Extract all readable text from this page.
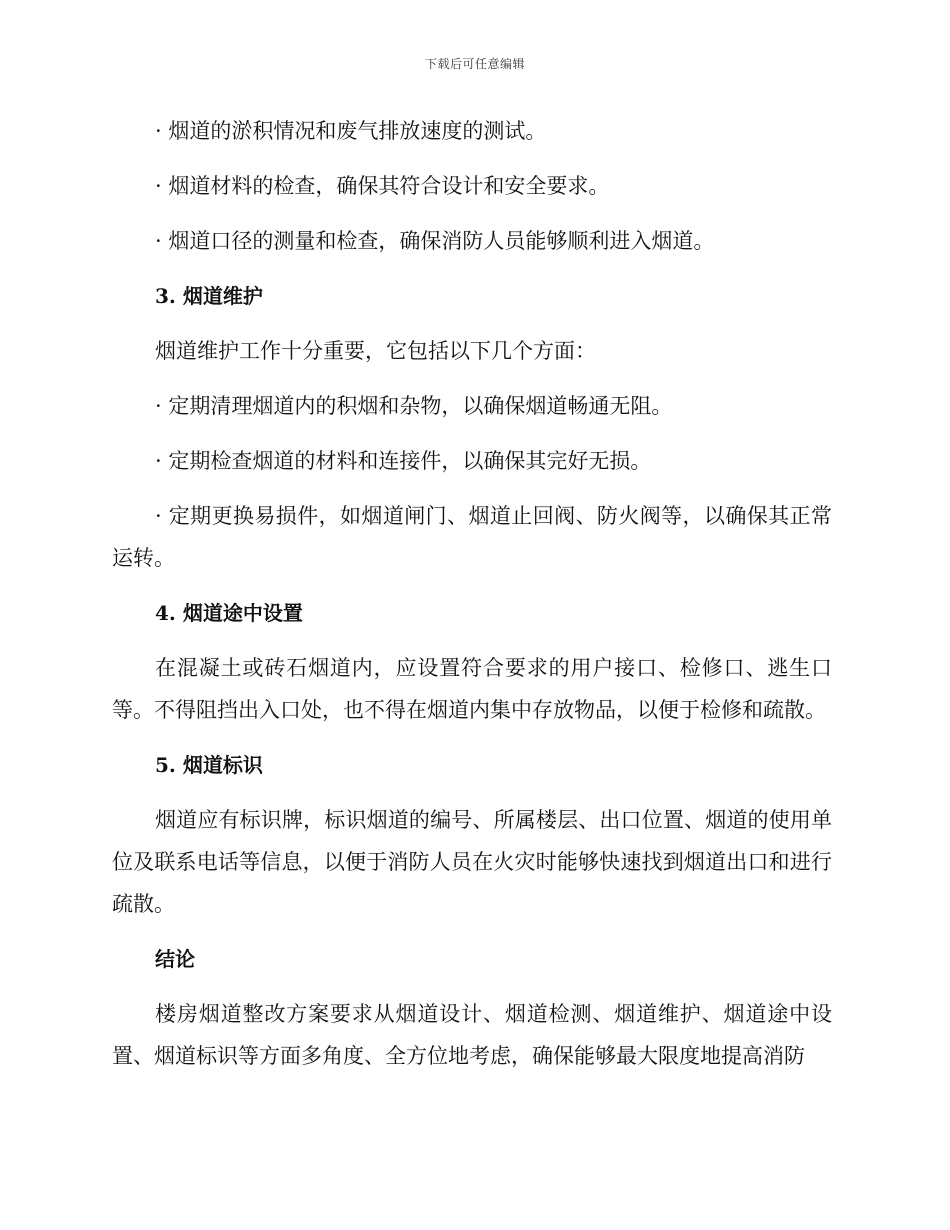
下载后可任意编辑

· 烟道的淤积情况和废气排放速度的测试。

· 烟道材料的检查，确保其符合设计和安全要求。

· 烟道口径的测量和检查，确保消防人员能够顺利进入烟道。

3. 烟道维护

烟道维护工作十分重要，它包括以下几个方面：

· 定期清理烟道内的积烟和杂物，以确保烟道畅通无阻。

· 定期检查烟道的材料和连接件，以确保其完好无损。

· 定期更换易损件，如烟道闸门、烟道止回阀、防火阀等，以确保其正常运转。

4. 烟道途中设置

在混凝土或砖石烟道内，应设置符合要求的用户接口、检修口、逃生口等。不得阻挡出入口处，也不得在烟道内集中存放物品，以便于检修和疏散。

5. 烟道标识

烟道应有标识牌，标识烟道的编号、所属楼层、出口位置、烟道的使用单位及联系电话等信息，以便于消防人员在火灾时能够快速找到烟道出口和进行疏散。

结论

楼房烟道整改方案要求从烟道设计、烟道检测、烟道维护、烟道途中设置、烟道标识等方面多角度、全方位地考虑，确保能够最大限度地提高消防
